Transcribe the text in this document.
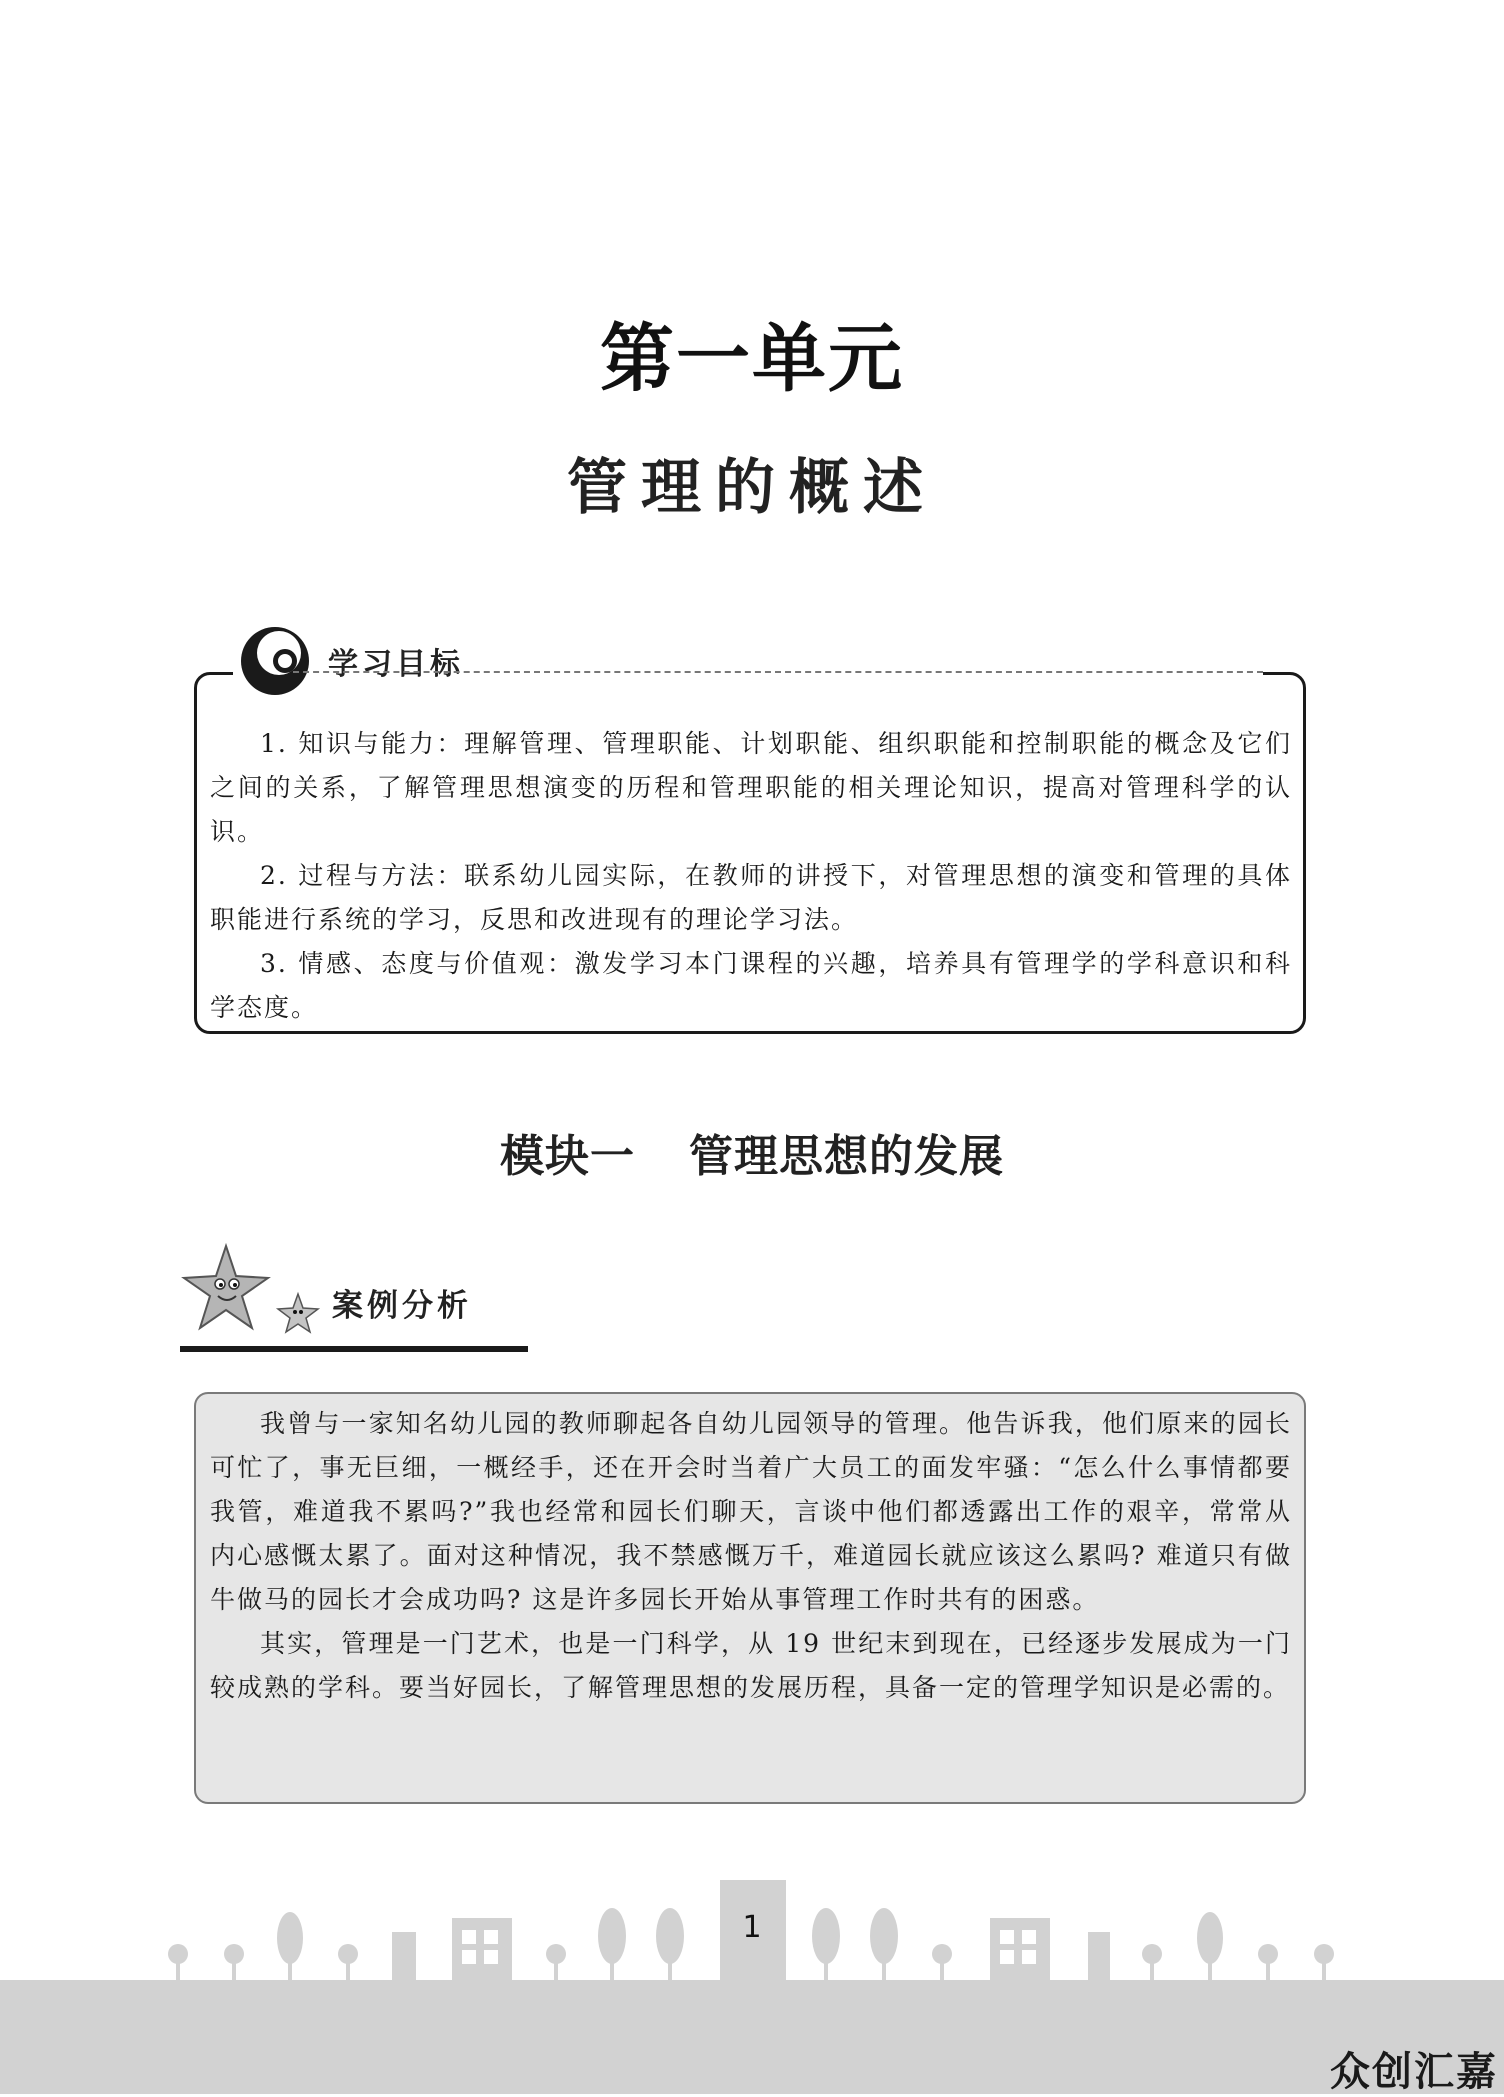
第一单元
管理的概述
学习目标

1. 知识与能力：理解管理、管理职能、计划职能、组织职能和控制职能的概念及它们之间的关系，了解管理思想演变的历程和管理职能的相关理论知识，提高对管理科学的认识。

2. 过程与方法：联系幼儿园实际，在教师的讲授下，对管理思想的演变和管理的具体职能进行系统的学习，反思和改进现有的理论学习法。

3. 情感、态度与价值观：激发学习本门课程的兴趣，培养具有管理学的学科意识和科学态度。

模块一 管理思想的发展
案例分析

我曾与一家知名幼儿园的教师聊起各自幼儿园领导的管理。他告诉我，他们原来的园长可忙了，事无巨细，一概经手，还在开会时当着广大员工的面发牢骚：“怎么什么事情都要我管，难道我不累吗?”我也经常和园长们聊天，言谈中他们都透露出工作的艰辛，常常从内心感慨太累了。面对这种情况，我不禁感慨万千，难道园长就应该这么累吗? 难道只有做牛做马的园长才会成功吗? 这是许多园长开始从事管理工作时共有的困惑。

其实，管理是一门艺术，也是一门科学，从 19 世纪末到现在，已经逐步发展成为一门较成熟的学科。要当好园长，了解管理思想的发展历程，具备一定的管理学知识是必需的。

1
众创汇嘉
